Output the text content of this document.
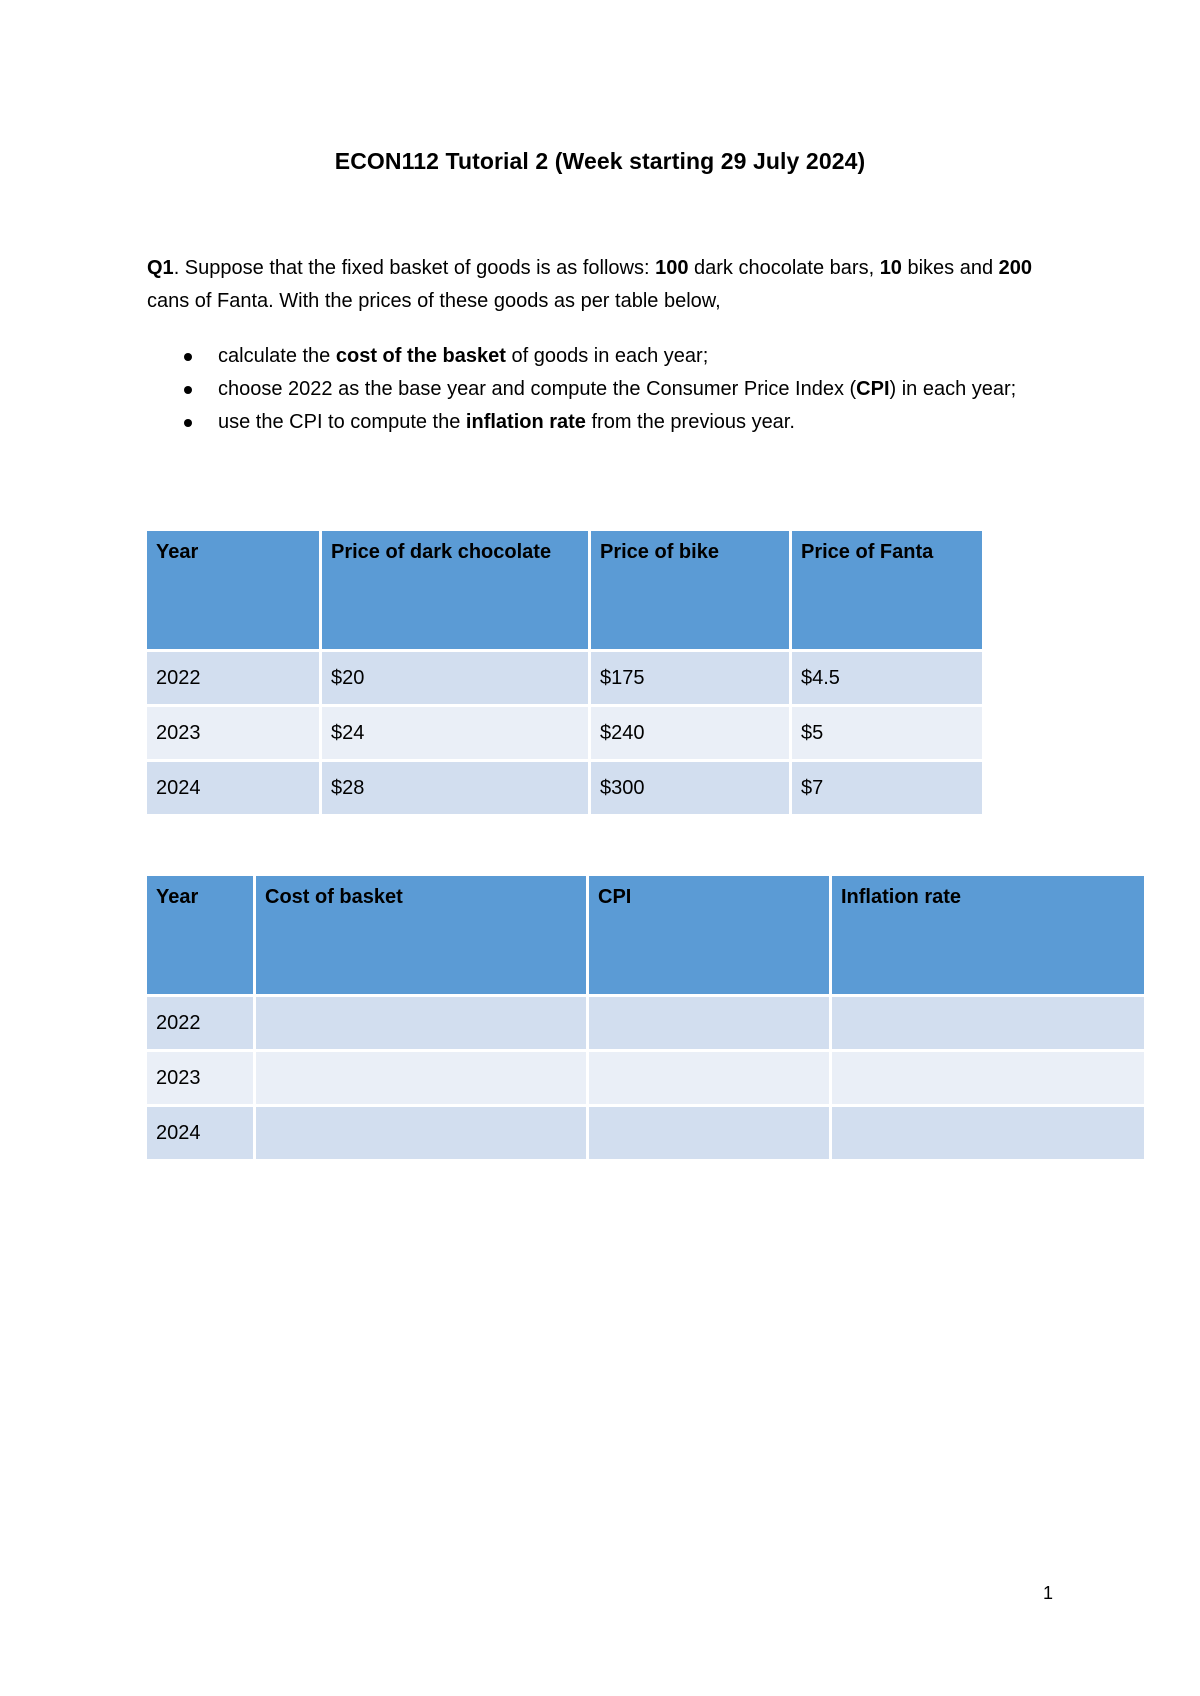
ECON112 Tutorial 2 (Week starting 29 July 2024)
Q1. Suppose that the fixed basket of goods is as follows: 100 dark chocolate bars, 10 bikes and 200 cans of Fanta. With the prices of these goods as per table below,
calculate the cost of the basket of goods in each year;
choose 2022 as the base year and compute the Consumer Price Index (CPI) in each year;
use the CPI to compute the inflation rate from the previous year.
Year	Price of dark chocolate	Price of bike	Price of Fanta
2022	$20	$175	$4.5
2023	$24	$240	$5
2024	$28	$300	$7
Year	Cost of basket	CPI	Inflation rate
2022			
2023			
2024			
1
